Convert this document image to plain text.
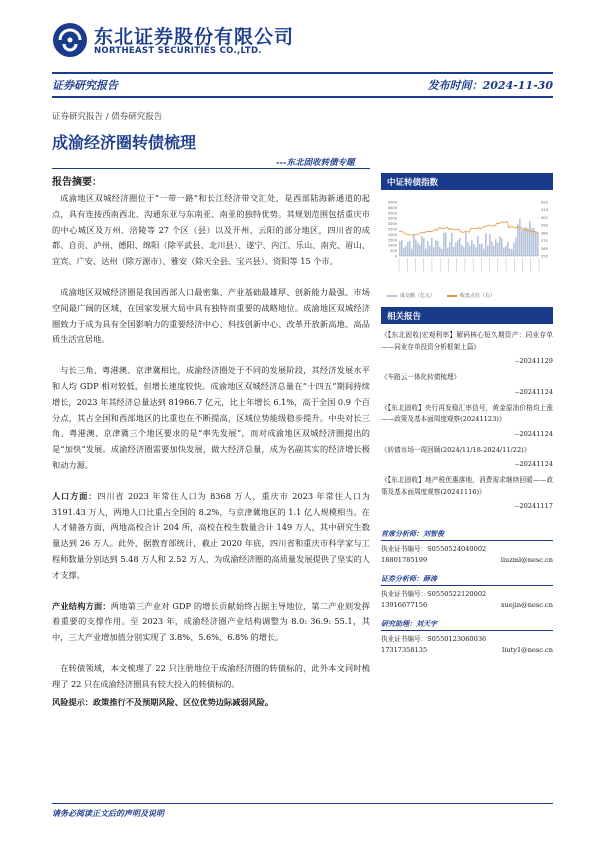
东北证券股份有限公司
NORTHEAST SECURITIES CO.,LTD.
证券研究报告	发布时间：2024-11-30
证券研究报告 / 债券研究报告
成渝经济圈转债梳理
---东北固收转债专题
报告摘要：

成渝地区双城经济圈位于“一带一路”和长江经济带交汇处，是西部陆海新通道的起点，具有连接西南西北、沟通东亚与东南亚、南亚的独特优势。其规划范围包括重庆市的中心城区及万州、涪陵等 27 个区（县）以及开州、云阳的部分地区，四川省的成都、自贡、泸州、德阳、绵阳（除平武县、北川县）、遂宁、内江、乐山、南充、眉山、宜宾、广安、达州（除万源市）、雅安（除天全县、宝兴县）、资阳等 15 个市。

成渝地区双城经济圈是我国西部人口最密集、产业基础最雄厚、创新能力最强、市场空间最广阔的区域，在国家发展大局中具有独特而重要的战略地位。成渝地区双城经济圈致力于成为具有全国影响力的重要经济中心、科技创新中心、改革开放新高地、高品质生活宜居地。

与长三角、粤港澳、京津冀相比，成渝经济圈处于不同的发展阶段，其经济发展水平和人均 GDP 相对较低，但增长速度较快。成渝地区双城经济总量在“十四五”期间持续增长，2023 年其经济总量达到 81986.7 亿元，比上年增长 6.1%，高于全国 0.9 个百分点，其占全国和西部地区的比重也在不断提高，区域位势能级稳步提升。中央对长三角、粤港澳、京津冀三个地区要求的是“率先发展”，而对成渝地区双城经济圈提出的是“加快”发展。成渝经济圈需要加快发展，做大经济总量，成为名副其实的经济增长极和动力源。

人口方面：四川省 2023 年常住人口为 8368 万人，重庆市 2023 年常住人口为 3191.43 万人，两地人口比重占全国的 8.2%，与京津冀地区的 1.1 亿人规模相当。在人才储备方面，两地高校合计 204 所，高校在校生数量合计 149 万人，其中研究生数量达到 26 万人。此外，据教育部统计，截止 2020 年底，四川省和重庆市科学家与工程师数量分别达到 5.48 万人和 2.52 万人，为成渝经济圈的高质量发展提供了坚实的人才支撑。

产业结构方面：两地第三产业对 GDP 的增长贡献始终占据主导地位，第二产业则发挥着重要的支撑作用。至 2023 年，成渝经济圈产业结构调整为 8.0: 36.9: 55.1，其中，三大产业增加值分别实现了 3.8%、5.6%、6.8% 的增长。

在转债领域，本文梳理了 22 只注册地位于成渝经济圈的转债标的，此外本文同时梳理了 22 只在成渝经济圈具有较大投入的转债标的。

风险提示：政策推行不及预期风险、区位优势边际减弱风险。

中证转债指数
5000
4500
4000
3500
3000
2500
2000
1500
1000
500
0
420
410
400
390
380
370
360
350
成交额（亿元）	收盘点位（右）
相关报告
《【东北固收|宏观利率】解码核心短久期资产：同业存单——同业存单投资分析框架上篇》
--20241129
《车路云一体化转债梳理》
--20241124
《【东北固收】央行再发稳汇率信号，黄金原油价格均上涨——政策及基本面周度观察(20241123)》
--20241124
《转债市场一周回顾(2024/11/18-2024/11/22)》
--20241124
《【东北固收】地产税优惠落地，消费需求继续回暖——政策及基本面周度观察(20241116)》
--20241117
首席分析师：刘智俊
执业证书编号：S0550524040002
18801785199	liuzml@nesc.cn
证券分析师：薛涛
执业证书编号：S0550522120002
13916677156	xuejin@nesc.cn
研究助理：刘天宇
执业证书编号：S0550123060036
17317358135	liuty1@nesc.cn
请务必阅读正文后的声明及说明
